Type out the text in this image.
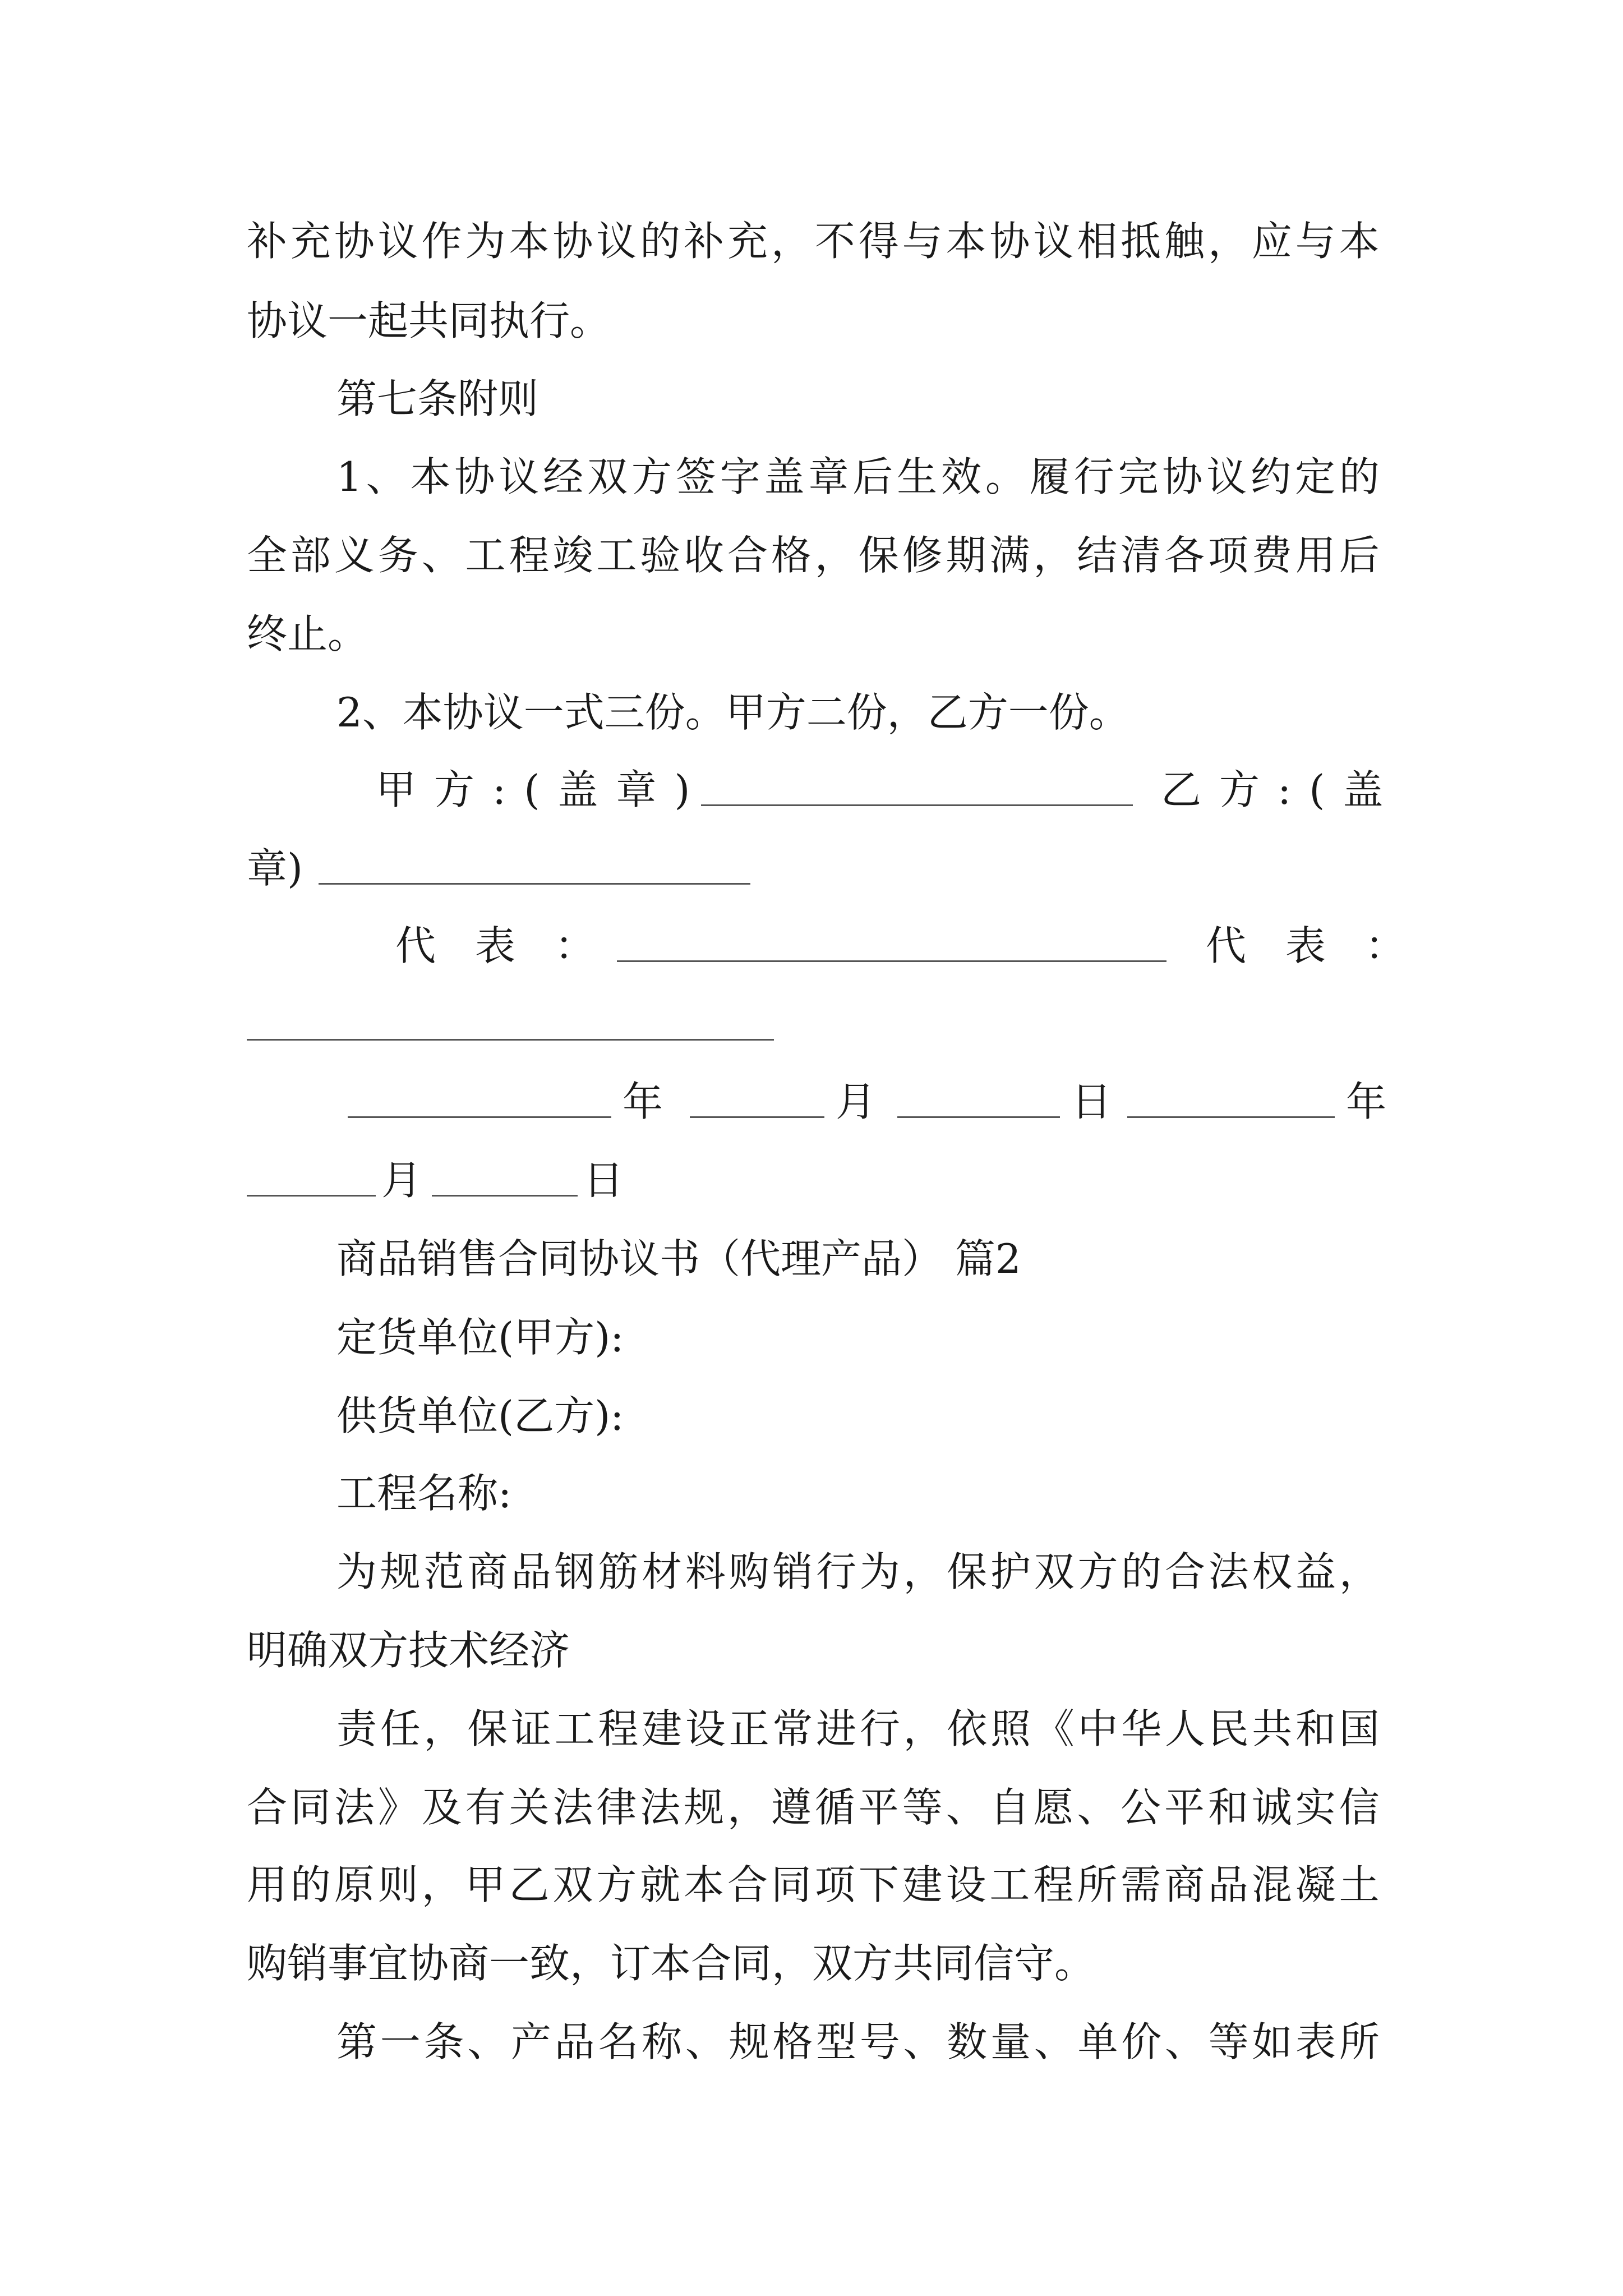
补 充 协 议 作 为 本 协 议 的 补 充 ， 不 得 与 本 协 议 相 抵 触 ， 应 与 本
协议一起共同执行。
第七条附则
1 、 本 协 议 经 双 方 签 字 盖 章 后 生 效 。 履 行 完 协 议 约 定 的
全 部 义 务 、 工 程 竣 工 验 收 合 格 ， 保 修 期 满 ， 结 清 各 项 费 用 后
终止。
2、本协议一式三份。甲方二份，乙方一份。
甲方:(盖章)	乙方:(盖
章)
代表：	代表：
年	月	日	年
月	日
商品销售合同协议书（代理产品） 篇2
定货单位(甲方):
供货单位(乙方):
工程名称:
为 规 范 商 品 钢 筋 材 料 购 销 行 为 ， 保 护 双 方 的 合 法 权 益 ，
明确双方技术经济
责 任 ， 保 证 工 程 建 设 正 常 进 行 ， 依 照 《 中 华 人 民 共 和 国
合 同 法 》 及 有 关 法 律 法 规 ， 遵 循 平 等 、 自 愿 、 公 平 和 诚 实 信
用 的 原 则 ， 甲 乙 双 方 就 本 合 同 项 下 建 设 工 程 所 需 商 品 混 凝 土
购销事宜协商一致，订本合同，双方共同信守。
第 一 条 、 产 品 名 称 、 规 格 型 号 、 数 量 、 单 价 、 等 如 表 所
